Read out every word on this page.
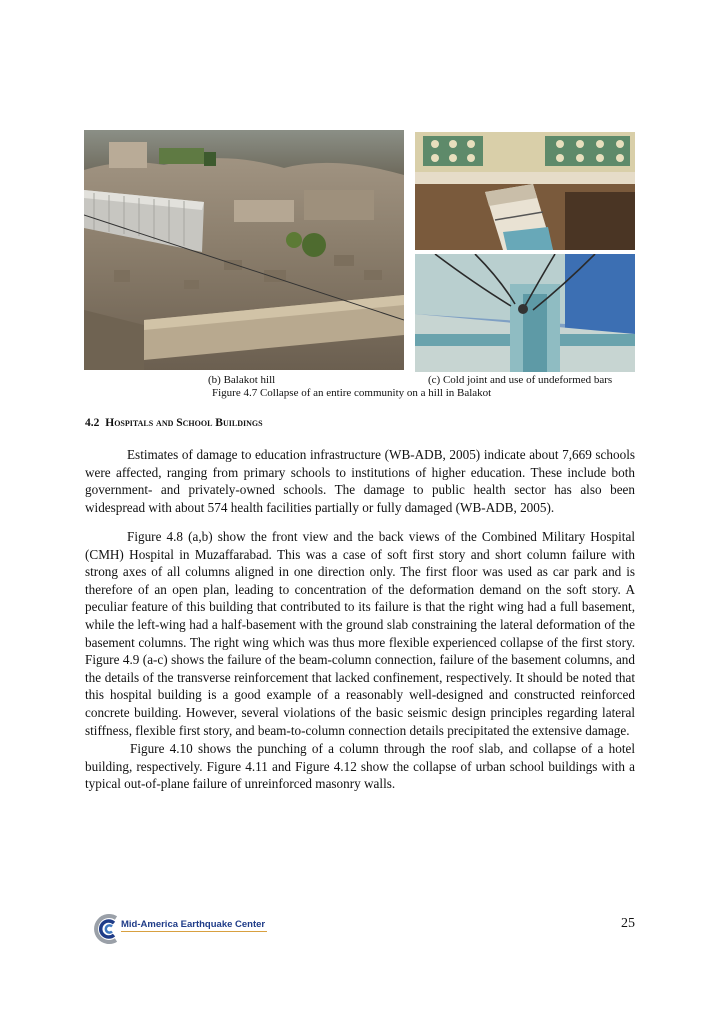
(b) Balakot hill	(c) Cold joint and use of undeformed bars
Figure 4.7 Collapse of an entire community on a hill in Balakot
4.2 Hospitals and School Buildings

Estimates of damage to education infrastructure (WB-ADB, 2005) indicate about 7,669 schools were affected, ranging from primary schools to institutions of higher education. These include both government- and privately-owned schools. The damage to public health sector has also been widespread with about 574 health facilities partially or fully damaged (WB-ADB, 2005).

Figure 4.8 (a,b) show the front view and the back views of the Combined Military Hospital (CMH) Hospital in Muzaffarabad. This was a case of soft first story and short column failure with strong axes of all columns aligned in one direction only. The first floor was used as car park and is therefore of an open plan, leading to concentration of the deformation demand on the soft story. A peculiar feature of this building that contributed to its failure is that the right wing had a full basement, while the left-wing had a half-basement with the ground slab constraining the lateral deformation of the basement columns. The right wing which was thus more flexible experienced collapse of the first story. Figure 4.9 (a-c) shows the failure of the beam-column connection, failure of the basement columns, and the details of the transverse reinforcement that lacked confinement, respectively. It should be noted that this hospital building is a good example of a reasonably well-designed and constructed reinforced concrete building. However, several violations of the basic seismic design principles regarding lateral stiffness, flexible first story, and beam-to-column connection details precipitated the extensive damage.

Figure 4.10 shows the punching of a column through the roof slab, and collapse of a hotel building, respectively. Figure 4.11 and Figure 4.12 show the collapse of urban school buildings with a typical out-of-plane failure of unreinforced masonry walls.

Mid-America Earthquake Center	25
